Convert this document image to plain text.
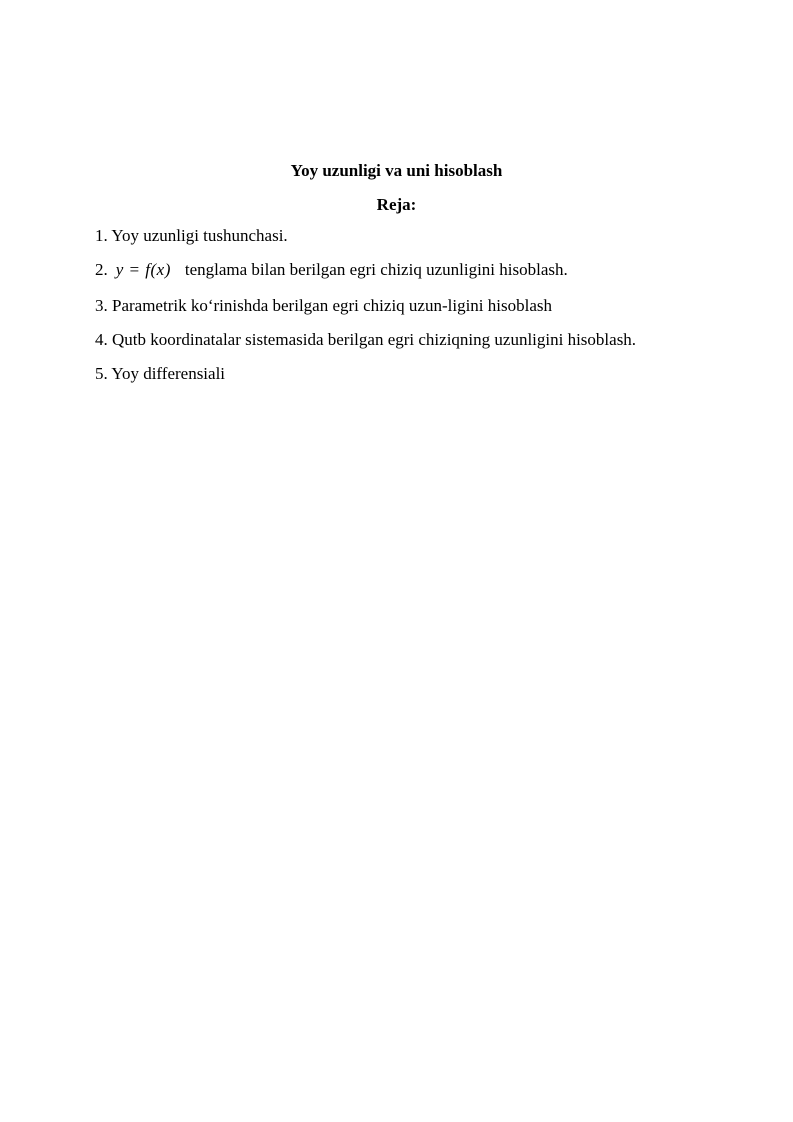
Yoy uzunligi va uni hisoblash
Reja:
1. Yoy uzunligi tushunchasi.
2. y = f(x) tenglama bilan berilgan egri chiziq uzunligini hisoblash.
3. Parametrik ko‘rinishda berilgan egri chiziq uzun-ligini hisoblash
4. Qutb koordinatalar sistemasida berilgan egri chiziqning uzunligini hisoblash.
5. Yoy differensiali
